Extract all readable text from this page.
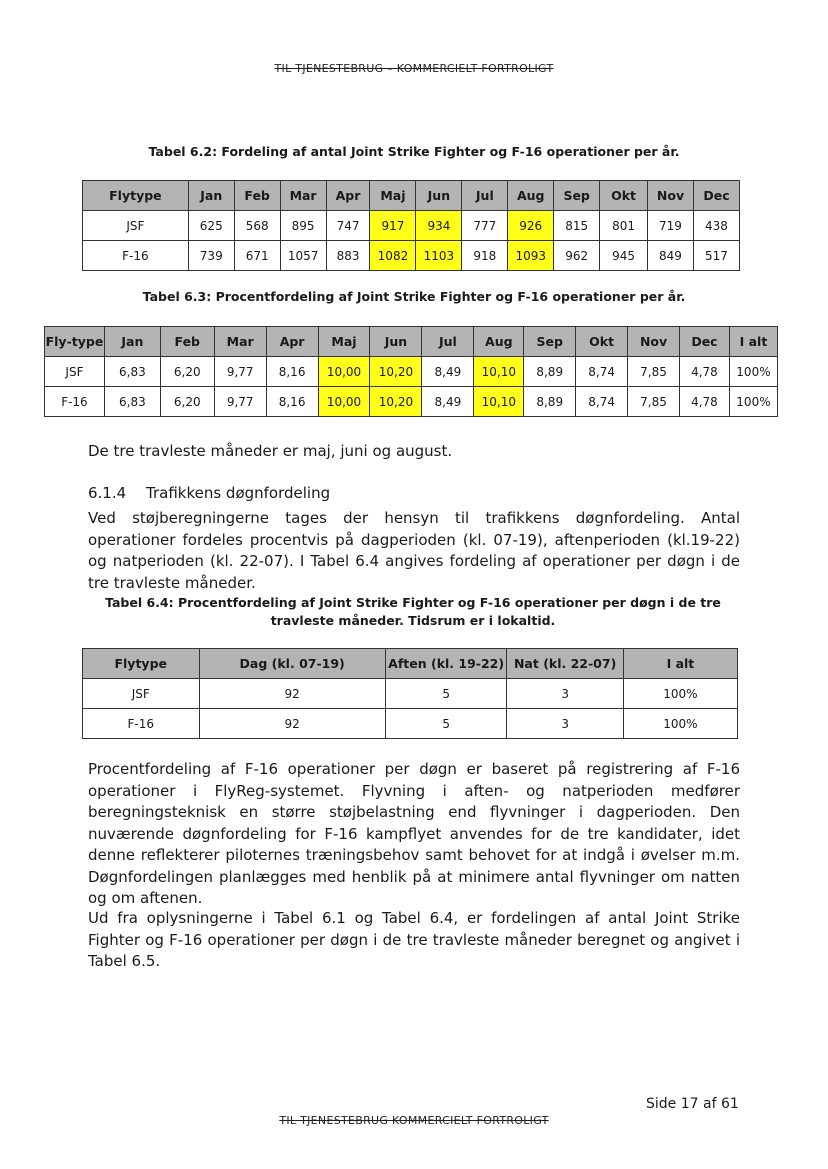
TIL TJENESTEBRUG – KOMMERCIELT FORTROLIGT
Tabel 6.2: Fordeling af antal Joint Strike Fighter og F-16 operationer per år.
Flytype	Jan	Feb	Mar	Apr	Maj	Jun	Jul	Aug	Sep	Okt	Nov	Dec
JSF	625	568	895	747	917	934	777	926	815	801	719	438
F-16	739	671	1057	883	1082	1103	918	1093	962	945	849	517
Tabel 6.3: Procentfordeling af Joint Strike Fighter og F-16 operationer per år.
Fly-type	Jan	Feb	Mar	Apr	Maj	Jun	Jul	Aug	Sep	Okt	Nov	Dec	I alt
JSF	6,83	6,20	9,77	8,16	10,00	10,20	8,49	10,10	8,89	8,74	7,85	4,78	100%
F-16	6,83	6,20	9,77	8,16	10,00	10,20	8,49	10,10	8,89	8,74	7,85	4,78	100%
De tre travleste måneder er maj, juni og august.
6.1.4 Trafikkens døgnfordeling
Ved støjberegningerne tages der hensyn til trafikkens døgnfordeling. Antal operationer fordeles procentvis på dagperioden (kl. 07-19), aftenperioden (kl.19-22) og natperioden (kl. 22-07). I Tabel 6.4 angives fordeling af operationer per døgn i de tre travleste måneder.
Tabel 6.4: Procentfordeling af Joint Strike Fighter og F-16 operationer per døgn i de tre travleste måneder. Tidsrum er i lokaltid.
Flytype	Dag (kl. 07-19)	Aften (kl. 19-22)	Nat (kl. 22-07)	I alt
JSF	92	5	3	100%
F-16	92	5	3	100%
Procentfordeling af F-16 operationer per døgn er baseret på registrering af F-16 operationer i FlyReg-systemet. Flyvning i aften- og natperioden medfører beregningsteknisk en større støjbelastning end flyvninger i dagperioden. Den nuværende døgnfordeling for F-16 kampflyet anvendes for de tre kandidater, idet denne reflekterer piloternes træningsbehov samt behovet for at indgå i øvelser m.m. Døgnfordelingen planlægges med henblik på at minimere antal flyvninger om natten og om aftenen.
Ud fra oplysningerne i Tabel 6.1 og Tabel 6.4, er fordelingen af antal Joint Strike Fighter og F-16 operationer per døgn i de tre travleste måneder beregnet og angivet i Tabel 6.5.
Side 17 af 61
TIL TJENESTEBRUG KOMMERCIELT FORTROLIGT
